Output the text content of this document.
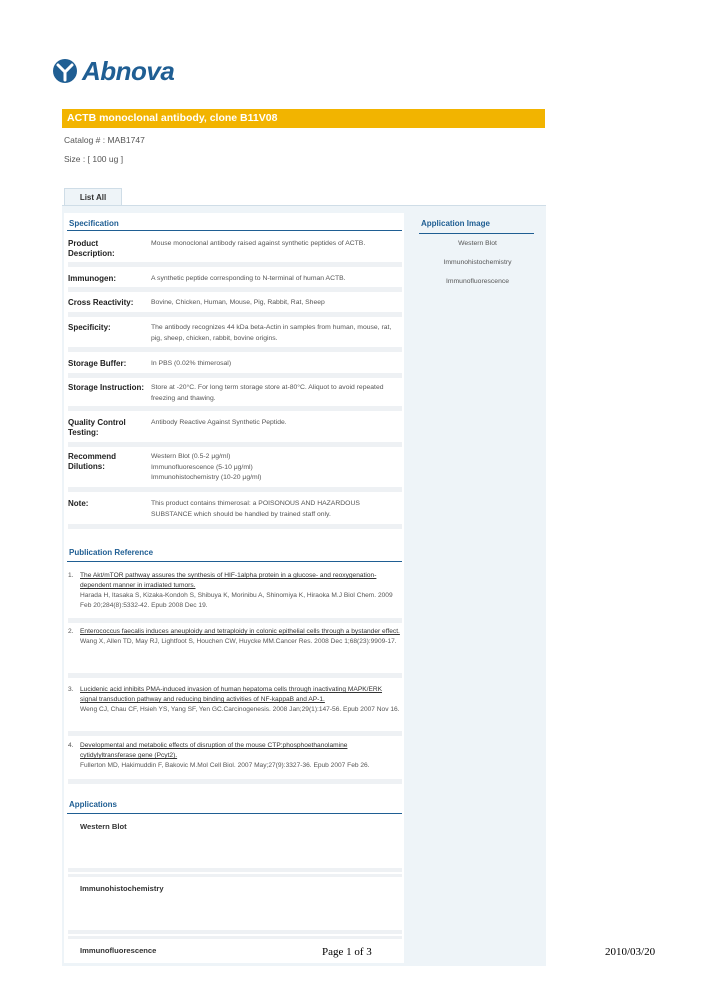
Abnova
ACTB monoclonal antibody, clone B11V08
Catalog # : MAB1747
Size : [ 100 ug ]
List All
Specification
Product Description:
Mouse monoclonal antibody raised against synthetic peptides of ACTB.
Immunogen:	A synthetic peptide corresponding to N-terminal of human ACTB.
Cross Reactivity:	Bovine, Chicken, Human, Mouse, Pig, Rabbit, Rat, Sheep
Specificity:	The antibody recognizes 44 kDa beta-Actin in samples from human, mouse, rat, pig, sheep, chicken, rabbit, bovine origins.
Storage Buffer:	In PBS (0.02% thimerosal)
Storage Instruction: Store at -20°C. For long term storage store at-80°C. Aliquot to avoid repeated freezing and thawing.
Quality Control Testing:
Antibody Reactive Against Synthetic Peptide.
Recommend Dilutions:
Western Blot (0.5-2 μg/ml)
Immunofluorescence (5-10 μg/ml)
Immunohistochemistry (10-20 μg/ml)
Note:	This product contains thimerosal: a POISONOUS AND HAZARDOUS SUBSTANCE which should be handled by trained staff only.
Application Image
Western Blot
Immunohistochemistry
Immunofluorescence
Publication Reference
1. The Akt/mTOR pathway assures the synthesis of HIF-1alpha protein in a glucose- and reoxygenation-dependent manner in irradiated tumors.
Harada H, Itasaka S, Kizaka-Kondoh S, Shibuya K, Morinibu A, Shinomiya K, Hiraoka M.J Biol Chem. 2009 Feb 20;284(8):5332-42. Epub 2008 Dec 19.
2. Enterococcus faecalis induces aneuploidy and tetraploidy in colonic epithelial cells through a bystander effect.
Wang X, Allen TD, May RJ, Lightfoot S, Houchen CW, Huycke MM.Cancer Res. 2008 Dec 1;68(23):9909-17.
3. Lucidenic acid inhibits PMA-induced invasion of human hepatoma cells through inactivating MAPK/ERK signal transduction pathway and reducing binding activities of NF-kappaB and AP-1.
Weng CJ, Chau CF, Hsieh YS, Yang SF, Yen GC.Carcinogenesis. 2008 Jan;29(1):147-56. Epub 2007 Nov 16.
4. Developmental and metabolic effects of disruption of the mouse CTP:phosphoethanolamine cytidylyltransferase gene (Pcyt2).
Fullerton MD, Hakimuddin F, Bakovic M.Mol Cell Biol. 2007 May;27(9):3327-36. Epub 2007 Feb 26.
Applications
Western Blot
Immunohistochemistry
Immunofluorescence	Page 1 of 3	2010/03/20
